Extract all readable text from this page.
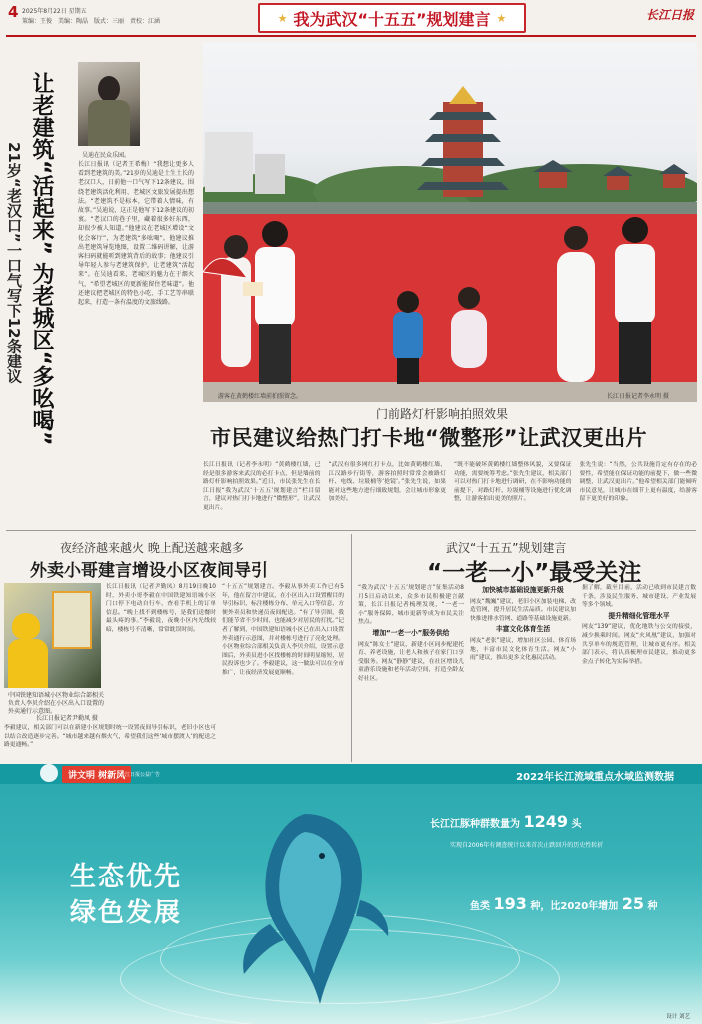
4 2025年8月22日 星期五
策编：王俊　美编：陶晶　版式：三丽　责校：江涵	★ 我为武汉“十五五”规划建言 ★	长江日报
让老建筑“活起来” 为老城区“多吆喝”
21岁“老汉口”一口气写下12条建议	吴迪在民众乐园。
长江日报讯（记者王希梅）“我想让更多人看到老建筑的美。”21岁的吴迪是土生土长的老汉口人，日前他一口气写下12条建议，围绕老建筑活化利用、老城区文旅发展提出想法。“老建筑不是标本，它带着人情味，有故事。”吴迪说，这正是他写下12条建议的初衷。“老汉口的巷子里，藏着很多好东西，却很少被人知道。”他建议在老城区增设“文化会客厅”，为老建筑“多吆喝”。他建议推出老建筑导览地图，设置二维码讲解，让游客扫码就能听到建筑背后的故事；他建议引导年轻人参与老建筑保护，让老建筑“活起来”。在吴迪看来，老城区的魅力在于烟火气，“希望老城区的更新能留住老味道”。他还建议把老城区的特色小吃、手工艺等串联起来，打造一条有温度的文旅线路。
游客在黄鹤楼红墙前拍照留念。	长江日报记者李永明 摄
门前路灯杆影响拍照效果
市民建议给热门打卡地“微整形”让武汉更出片
长江日报讯（记者李永明）“黄鹤楼红墙，已经是很多游客来武汉的必打卡点，但是墙前的路灯杆影响拍照效果。”近日，市民张先生在长江日报“我为武汉‘十五五’规划建言”栏目留言，建议对热门打卡地进行“微整形”，让武汉更出片。
“武汉有很多网红打卡点，比如黄鹤楼红墙、江汉路步行街等，游客拍照时常常会被路灯杆、电线、垃圾桶等‘抢镜’。”张先生说，如果能对这些地方进行细致规划，会让城市形象更加美好。
“既不能破坏黄鹤楼红墙整体风貌，又要保证功能，需要统筹考虑。”张先生建议，相关部门可以对热门打卡地进行调研，在不影响功能的前提下，对路灯杆、垃圾桶等设施进行优化调整，让游客拍出更美的照片。
张先生说：“当然，公共设施肯定有存在的必要性，希望能在保证功能的前提下，做一些微调整，让武汉更出片。”他希望相关部门能倾听市民意见，让城市在细节上更有温度，给游客留下更美好的印象。
夜经济越来越火 晚上配送越来越多
外卖小哥建言增设小区夜间导引
中国铁建知语城小区物业综合部相关负责人李贝介绍在小区出入口设置的外卖通行示意图。
长江日报记者尹勤凤 摄
长江日报讯（记者尹勤凤）8月19日晚10时，外卖小哥李毅在中国铁建知语城小区门口停下电动自行车，查看手机上的订单信息。“晚上找不到楼栋号，是我们送餐时最头疼的事。”李毅说，夜晚小区内光线较暗，楼栋号不清晰，常常耽误时间。
“十五五”规划建言。李毅从事外卖工作已有5年，他在留言中建议，在小区出入口设置醒目的导引标识，标注楼栋分布、单元入口等信息，方便外卖员和快递员夜间配送。“有了导引图，我们能节省不少时间，也能减少对居民的打扰。”记者了解到，中国铁建知语城小区已在出入口设置外卖通行示意图，并对楼栋号进行了亮化处理。小区物业综合部相关负责人李贝介绍，设置示意图后，外卖员进小区找楼栋的时间明显缩短，居民投诉也少了。李毅建议，这一做法可以在全市推广，让夜经济发展更顺畅。
李毅建议，相关部门可以在新建小区规划时统一设置夜间导引标识，老旧小区也可以结合改造逐步完善。“城市越来越有烟火气，希望我们这些‘城市摆渡人’的配送之路更通畅。”
武汉“十五五”规划建言
“一老一小”最受关注
“我为武汉‘十五五’规划建言”征集活动8月5日启动以来，众多市民积极建言献策，长江日报记者梳理发现，“一老一小”服务保障、城市更新等成为市民关注焦点。
增加“一老一小”服务供给
网友“陈女士”建议，新建小区同步配建托育、养老设施，让老人和孩子在家门口享受服务。网友“静静”建议，在社区增设儿童游乐设施和老年活动空间，打造全龄友好社区。
加快城市基础设施更新升级
网友“魏巍”建议，老旧小区加装电梯、改造管网，提升居民生活品质。市民建议加快推进排水管网、道路等基础设施更新。
丰富文化体育生活
网友“老张”建议，增加社区公园、体育场地，丰富市民文化体育生活。网友“小雨”建议，推出更多文化惠民活动。
据了解，截至目前，活动已收到市民建言数千条，涉及民生服务、城市建设、产业发展等多个领域。
提升精细化管理水平
网友“139”建议，优化地铁与公交的接驳，减少换乘时间。网友“火风凰”建议，加强对共享单车的规范管理，让城市更有序。相关部门表示，将认真梳理市民建议，推动更多金点子转化为实际举措。
讲文明 树新风
长江日报公益广告	2022年长江流域重点水域监测数据
生态优先
绿色发展
长江江豚种群数量为 1249 头
实现自2006年有调查统计以来首次止跌回升的历史性转折
鱼类 193 种，比2020年增加 25 种
设计 刘艺
